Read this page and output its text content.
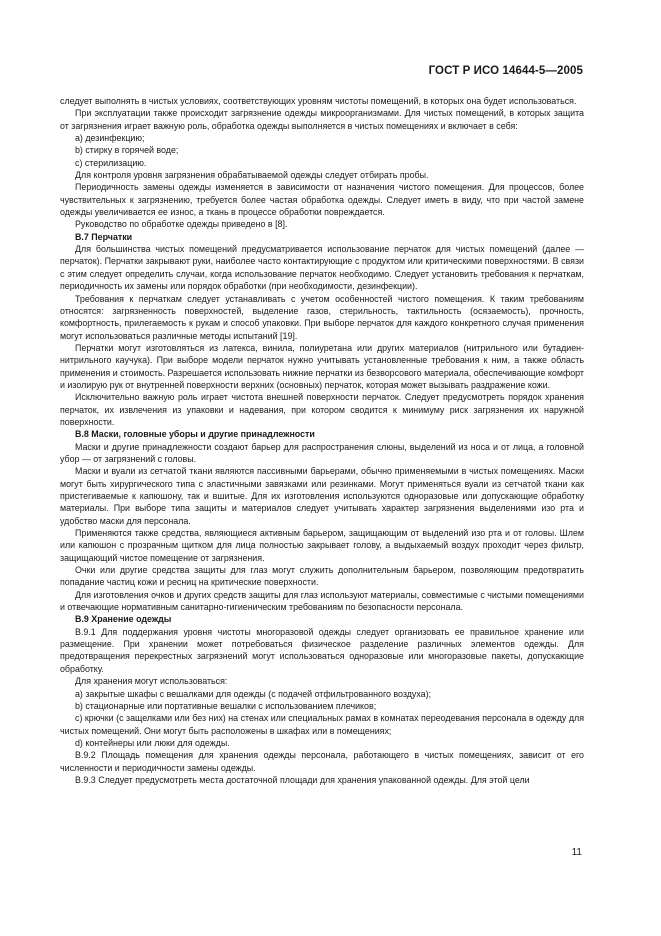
ГОСТ Р ИСО 14644-5—2005

следует выполнять в чистых условиях, соответствующих уровням чистоты помещений, в которых она будет использоваться.

При эксплуатации также происходит загрязнение одежды микроорганизмами. Для чистых помещений, в которых защита от загрязнения играет важную роль, обработка одежды выполняется в чистых помещениях и включает в себя:

а) дезинфекцию;

b) стирку в горячей воде;

с) стерилизацию.

Для контроля уровня загрязнения обрабатываемой одежды следует отбирать пробы.

Периодичность замены одежды изменяется в зависимости от назначения чистого помещения. Для процессов, более чувствительных к загрязнению, требуется более частая обработка одежды. Следует иметь в виду, что при частой замене одежды увеличивается ее износ, а ткань в процессе обработки повреждается.

Руководство по обработке одежды приведено в [8].

В.7 Перчатки

Для большинства чистых помещений предусматривается использование перчаток для чистых помещений (далее — перчаток). Перчатки закрывают руки, наиболее часто контактирующие с продуктом или критическими поверхностями. В связи с этим следует определить случаи, когда использование перчаток необходимо. Следует установить требования к перчаткам, периодичность их замены или порядок обработки (при необходимости, дезинфекции).

Требования к перчаткам следует устанавливать с учетом особенностей чистого помещения. К таким требованиям относятся: загрязненность поверхностей, выделение газов, стерильность, тактильность (осязаемость), прочность, комфортность, прилегаемость к рукам и способ упаковки. При выборе перчаток для каждого конкретного случая применения могут использоваться различные методы испытаний [19].

Перчатки могут изготовляться из латекса, винила, полиуретана или других материалов (нитрильного или бутадиен-нитрильного каучука). При выборе модели перчаток нужно учитывать установленные требования к ним, а также область применения и стоимость. Разрешается использовать нижние перчатки из безворсового материала, обеспечивающие комфорт и изолирую рук от внутренней поверхности верхних (основных) перчаток, которая может вызывать раздражение кожи.

Исключительно важную роль играет чистота внешней поверхности перчаток. Следует предусмотреть порядок хранения перчаток, их извлечения из упаковки и надевания, при котором сводится к минимуму риск загрязнения их наружной поверхности.

В.8 Маски, головные уборы и другие принадлежности

Маски и другие принадлежности создают барьер для распространения слюны, выделений из носа и от лица, а головной убор — от загрязнений с головы.

Маски и вуали из сетчатой ткани являются пассивными барьерами, обычно применяемыми в чистых помещениях. Маски могут быть хирургического типа с эластичными завязками или резинками. Могут применяться вуали из сетчатой ткани как пристегиваемые к капюшону, так и вшитые. Для их изготовления используются одноразовые или допускающие обработку материалы. При выборе типа защиты и материалов следует учитывать характер загрязнения выделениями изо рта и удобство маски для персонала.

Применяются также средства, являющиеся активным барьером, защищающим от выделений изо рта и от головы. Шлем или капюшон с прозрачным щитком для лица полностью закрывает голову, а выдыхаемый воздух проходит через фильтр, защищающий чистое помещение от загрязнения.

Очки или другие средства защиты для глаз могут служить дополнительным барьером, позволяющим предотвратить попадание частиц кожи и ресниц на критические поверхности.

Для изготовления очков и других средств защиты для глаз используют материалы, совместимые с чистыми помещениями и отвечающие нормативным санитарно-гигиеническим требованиям по безопасности персонала.

В.9 Хранение одежды

В.9.1 Для поддержания уровня чистоты многоразовой одежды следует организовать ее правильное хранение или размещение. При хранении может потребоваться физическое разделение различных элементов одежды. Для предотвращения перекрестных загрязнений могут использоваться одноразовые или многоразовые пакеты, допускающие обработку.

Для хранения могут использоваться:

а) закрытые шкафы с вешалками для одежды (с подачей отфильтрованного воздуха);

b) стационарные или портативные вешалки с использованием плечиков;

с) крючки (с защелками или без них) на стенах или специальных рамах в комнатах переодевания персонала в одежду для чистых помещений. Они могут быть расположены в шкафах или в помещениях;

d) контейнеры или люки для одежды.

В.9.2 Площадь помещения для хранения одежды персонала, работающего в чистых помещениях, зависит от его численности и периодичности замены одежды.

В.9.3 Следует предусмотреть места достаточной площади для хранения упакованной одежды. Для этой цели

11
